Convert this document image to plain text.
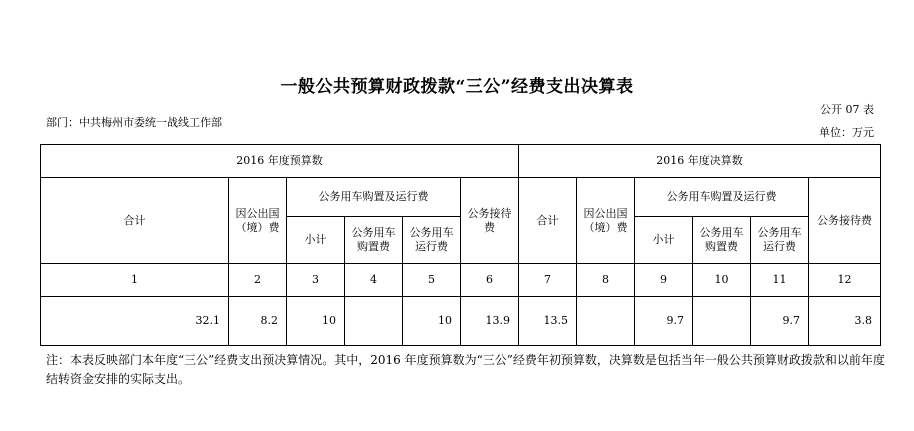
一般公共预算财政拨款“三公”经费支出决算表
公开 07 表
部门：中共梅州市委统一战线工作部
单位：万元
2016 年度预算数						2016 年度决算数					
合计	因公出国（境）费	公务用车购置及运行费			公务接待费	合计	因公出国（境）费	公务用车购置及运行费			公务接待费
		小计	公务用车购置费	公务用车运行费				小计	公务用车购置费	公务用车运行费	
1	2	3	4	5	6	7	8	9	10	11	12
32.1	8.2	10		10	13.9	13.5		9.7		9.7	3.8
注：本表反映部门本年度“三公”经费支出预决算情况。其中，2016 年度预算数为“三公”经费年初预算数，决算数是包括当年一般公共预算财政拨款和以前年度结转资金安排的实际支出。
